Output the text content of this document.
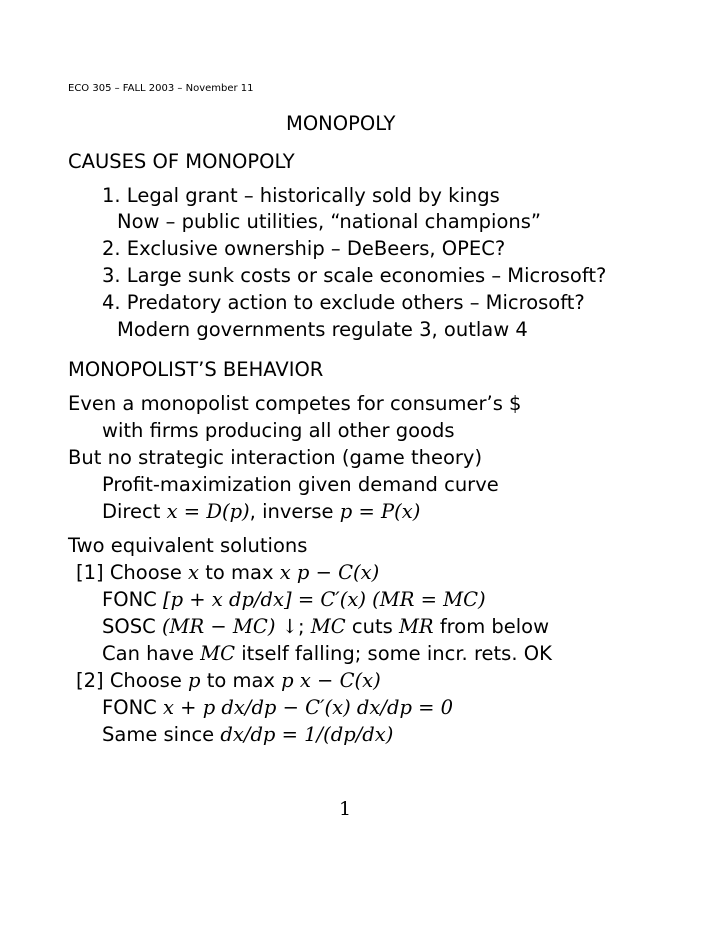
ECO 305 – FALL 2003 – November 11
MONOPOLY
CAUSES OF MONOPOLY
1. Legal grant – historically sold by kings
Now – public utilities, “national champions”
2. Exclusive ownership – DeBeers, OPEC?
3. Large sunk costs or scale economies – Microsoft?
4. Predatory action to exclude others – Microsoft?
Modern governments regulate 3, outlaw 4
MONOPOLIST’S BEHAVIOR
Even a monopolist competes for consumer’s $
with firms producing all other goods
But no strategic interaction (game theory)
Profit-maximization given demand curve
Direct x = D(p), inverse p = P(x)
Two equivalent solutions
[1] Choose x to max x p − C(x)
FONC [p + x dp/dx] = C′(x) (MR = MC)
SOSC (MR − MC) ↓; MC cuts MR from below
Can have MC itself falling; some incr. rets. OK
[2] Choose p to max p x − C(x)
FONC x + p dx/dp − C′(x) dx/dp = 0
Same since dx/dp = 1/(dp/dx)
1
